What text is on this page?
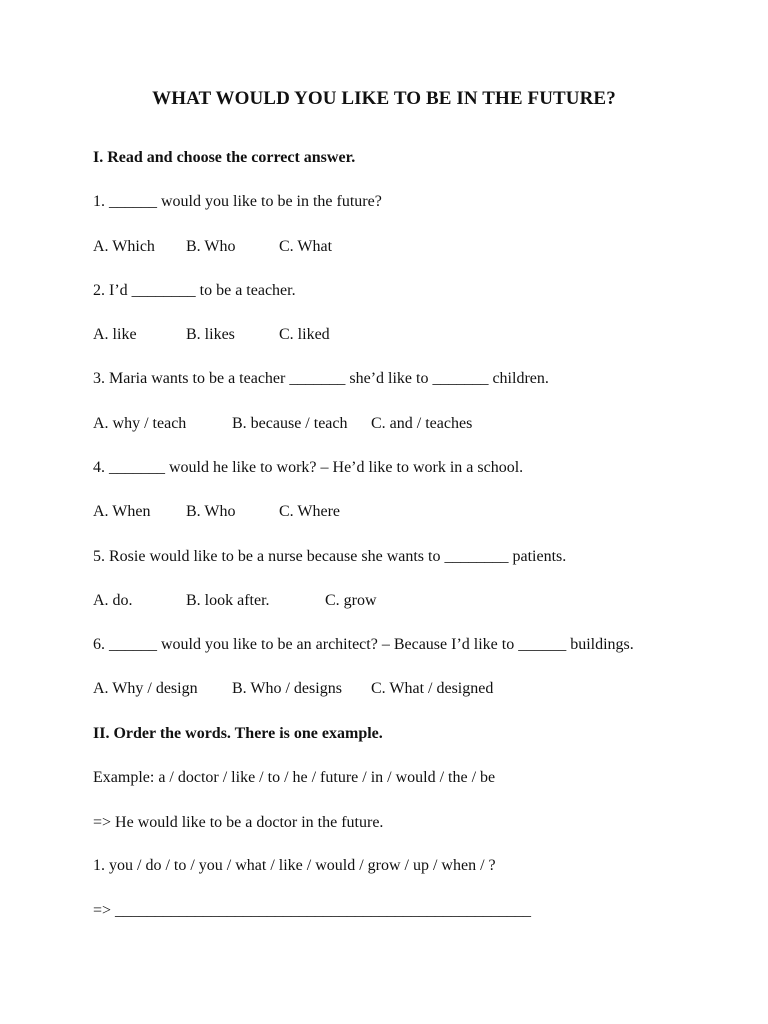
WHAT WOULD YOU LIKE TO BE IN THE FUTURE?
I. Read and choose the correct answer.
1. ______ would you like to be in the future?
A. Which B. Who	C. What
2. I’d ________ to be a teacher.
A. like	B. likes	C. liked
3. Maria wants to be a teacher _______ she’d like to _______ children.
A. why / teach	B. because / teach C. and / teaches
4. _______ would he like to work? – He’d like to work in a school.
A. When B. Who	C. Where
5. Rosie would like to be a nurse because she wants to ________ patients.
A. do.	B. look after.	C. grow
6. ______ would you like to be an architect? – Because I’d like to ______ buildings.
A. Why / design B. Who / designs C. What / designed
II. Order the words. There is one example.
Example: a / doctor / like / to / he / future / in / would / the / be
=> He would like to be a doctor in the future.
1. you / do / to / you / what / like / would / grow / up / when / ?
=> ____________________________________________________
